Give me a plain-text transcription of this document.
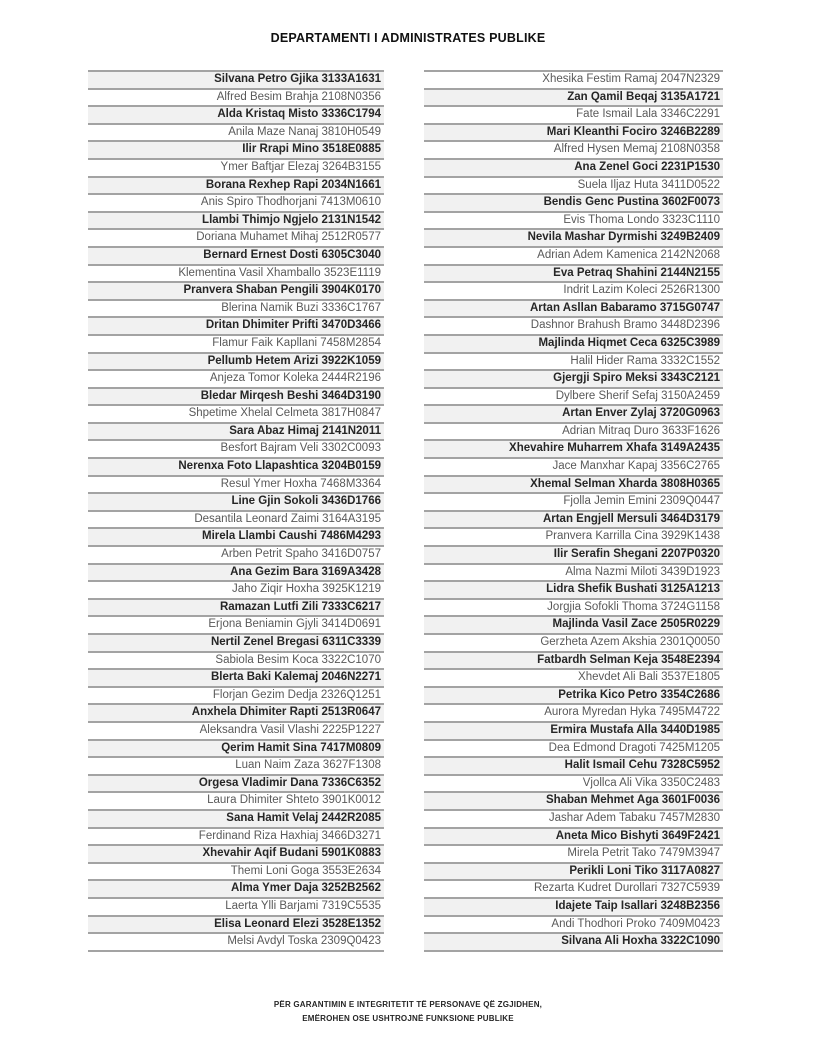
DEPARTAMENTI I ADMINISTRATES PUBLIKE
Silvana Petro Gjika 3133A1631
Alfred Besim Brahja 2108N0356
Alda Kristaq Misto 3336C1794
Anila Maze Nanaj 3810H0549
Ilir Rrapi Mino 3518E0885
Ymer Baftjar Elezaj 3264B3155
Borana Rexhep Rapi 2034N1661
Anis Spiro Thodhorjani 7413M0610
Llambi Thimjo Ngjelo 2131N1542
Doriana Muhamet Mihaj 2512R0577
Bernard Ernest Dosti 6305C3040
Klementina Vasil Xhamballo 3523E1119
Pranvera Shaban Pengili 3904K0170
Blerina Namik Buzi 3336C1767
Dritan Dhimiter Prifti 3470D3466
Flamur Faik Kapllani 7458M2854
Pellumb Hetem Arizi 3922K1059
Anjeza Tomor Koleka 2444R2196
Bledar Mirqesh Beshi 3464D3190
Shpetime Xhelal Celmeta 3817H0847
Sara Abaz Himaj 2141N2011
Besfort Bajram Veli 3302C0093
Nerenxa Foto Llapashtica 3204B0159
Resul Ymer Hoxha 7468M3364
Line Gjin Sokoli 3436D1766
Desantila Leonard Zaimi 3164A3195
Mirela Llambi Caushi 7486M4293
Arben Petrit Spaho 3416D0757
Ana Gezim Bara 3169A3428
Jaho Ziqir Hoxha 3925K1219
Ramazan Lutfi Zili 7333C6217
Erjona Beniamin Gjyli 3414D0691
Nertil Zenel Bregasi 6311C3339
Sabiola Besim Koca 3322C1070
Blerta Baki Kalemaj 2046N2271
Florjan Gezim Dedja 2326Q1251
Anxhela Dhimiter Rapti 2513R0647
Aleksandra Vasil Vlashi 2225P1227
Qerim Hamit Sina 7417M0809
Luan Naim Zaza 3627F1308
Orgesa Vladimir Dana 7336C6352
Laura Dhimiter Shteto 3901K0012
Sana Hamit Velaj 2442R2085
Ferdinand Riza Haxhiaj 3466D3271
Xhevahir Aqif Budani 5901K0883
Themi Loni Goga 3553E2634
Alma Ymer Daja 3252B2562
Laerta Ylli Barjami 7319C5535
Elisa Leonard Elezi 3528E1352
Melsi Avdyl Toska 2309Q0423
Xhesika Festim Ramaj 2047N2329
Zan Qamil Beqaj 3135A1721
Fate Ismail Lala 3346C2291
Mari Kleanthi Fociro 3246B2289
Alfred Hysen Memaj 2108N0358
Ana Zenel Goci 2231P1530
Suela Iljaz Huta 3411D0522
Bendis Genc Pustina 3602F0073
Evis Thoma Londo 3323C1110
Nevila Mashar Dyrmishi 3249B2409
Adrian Adem Kamenica 2142N2068
Eva Petraq Shahini 2144N2155
Indrit Lazim Koleci 2526R1300
Artan Asllan Babaramo 3715G0747
Dashnor Brahush Bramo 3448D2396
Majlinda Hiqmet Ceca 6325C3989
Halil Hider Rama 3332C1552
Gjergji Spiro Meksi 3343C2121
Dylbere Sherif Sefaj 3150A2459
Artan Enver Zylaj 3720G0963
Adrian Mitraq Duro 3633F1626
Xhevahire Muharrem Xhafa 3149A2435
Jace Manxhar Kapaj 3356C2765
Xhemal Selman Xharda 3808H0365
Fjolla Jemin Emini 2309Q0447
Artan Engjell Mersuli 3464D3179
Pranvera Karrilla Cina 3929K1438
Ilir Serafin Shegani 2207P0320
Alma Nazmi Miloti 3439D1923
Lidra Shefik Bushati 3125A1213
Jorgjia Sofokli Thoma 3724G1158
Majlinda Vasil Zace 2505R0229
Gerzheta Azem Akshia 2301Q0050
Fatbardh Selman Keja 3548E2394
Xhevdet Ali Bali 3537E1805
Petrika Kico Petro 3354C2686
Aurora Myredan Hyka 7495M4722
Ermira Mustafa Alla 3440D1985
Dea Edmond Dragoti 7425M1205
Halit Ismail Cehu 7328C5952
Vjollca Ali Vika 3350C2483
Shaban Mehmet Aga 3601F0036
Jashar Adem Tabaku 7457M2830
Aneta Mico Bishyti 3649F2421
Mirela Petrit Tako 7479M3947
Perikli Loni Tiko 3117A0827
Rezarta Kudret Durollari 7327C5939
Idajete Taip Isallari 3248B2356
Andi Thodhori Proko 7409M0423
Silvana Ali Hoxha 3322C1090
PËR GARANTIMIN E INTEGRITETIT TË PERSONAVE QË ZGJIDHEN,
EMËROHEN OSE USHTROJNË FUNKSIONE PUBLIKE
